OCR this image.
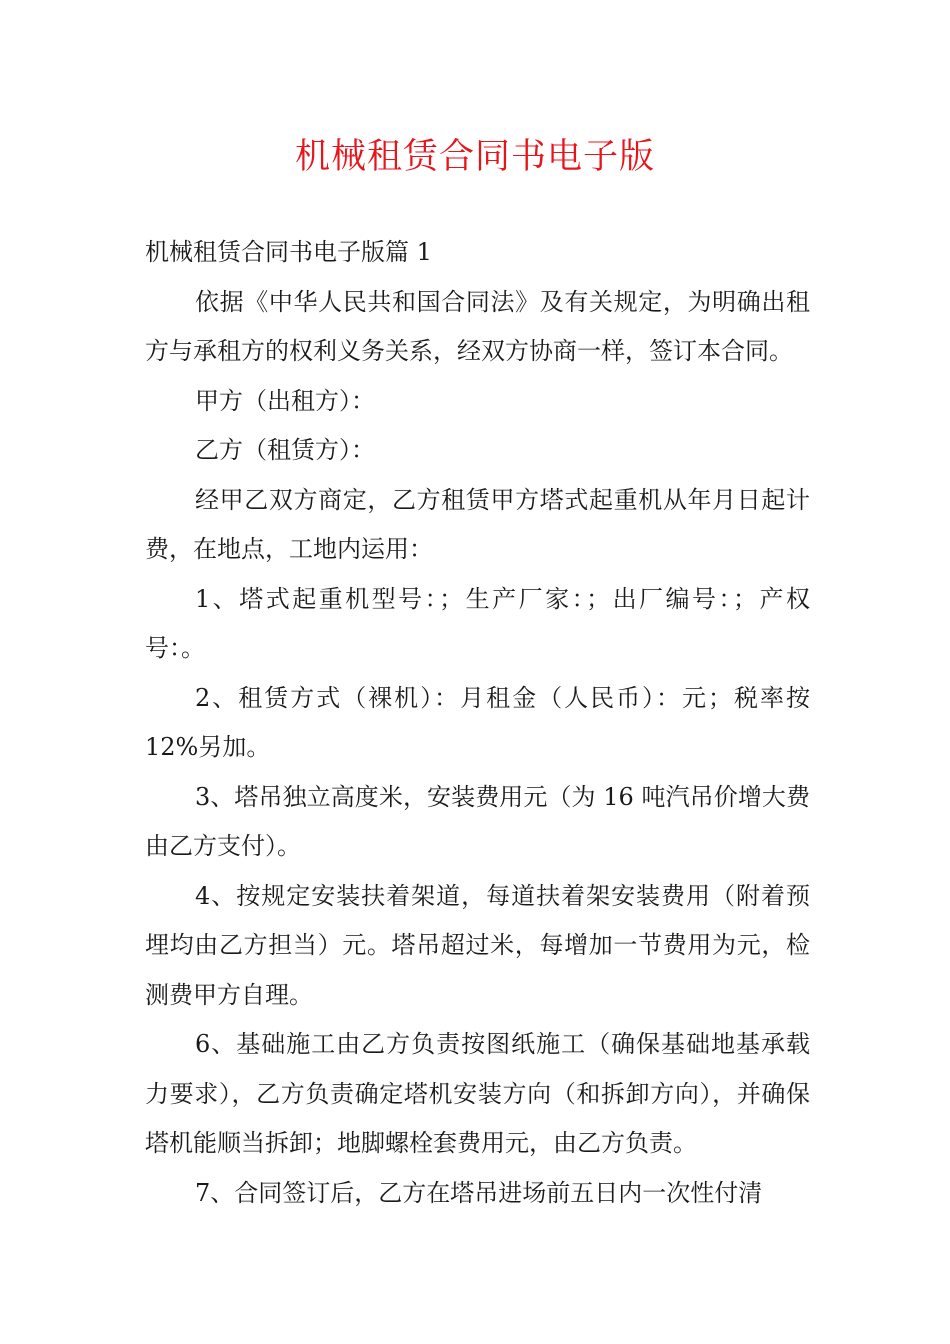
机械租赁合同书电子版

机械租赁合同书电子版篇 1

依据《中华人民共和国合同法》及有关规定，为明确出租方与承租方的权利义务关系，经双方协商一样，签订本合同。

甲方（出租方）：

乙方（租赁方）：

经甲乙双方商定，乙方租赁甲方塔式起重机从年月日起计费，在地点，工地内运用：

1、塔式起重机型号：；生产厂家：；出厂编号：；产权号：。

2、租赁方式（裸机）：月租金（人民币）：元；税率按 12%另加。

3、塔吊独立高度米，安装费用元（为 16 吨汽吊价增大费由乙方支付）。

4、按规定安装扶着架道，每道扶着架安装费用（附着预埋均由乙方担当）元。塔吊超过米，每增加一节费用为元，检测费甲方自理。

6、基础施工由乙方负责按图纸施工（确保基础地基承载力要求），乙方负责确定塔机安装方向（和拆卸方向），并确保塔机能顺当拆卸；地脚螺栓套费用元，由乙方负责。

7、合同签订后，乙方在塔吊进场前五日内一次性付清
